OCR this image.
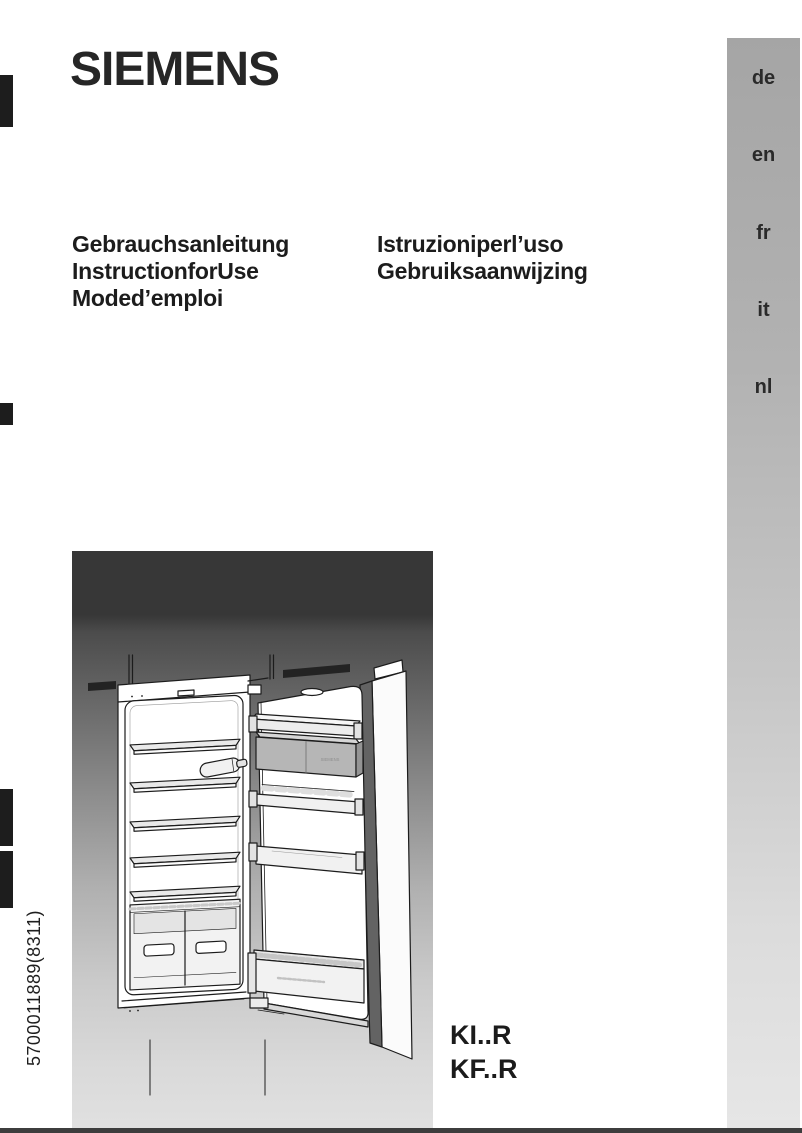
5700011889(8311)
SIEMENS
Gebrauchsanleitung
InstructionforUse
Moded’emploi
Istruzioniperl’uso
Gebruiksaanwijzing
de
en
fr
it
nl
SIEMENS
KI..R
KF..R
